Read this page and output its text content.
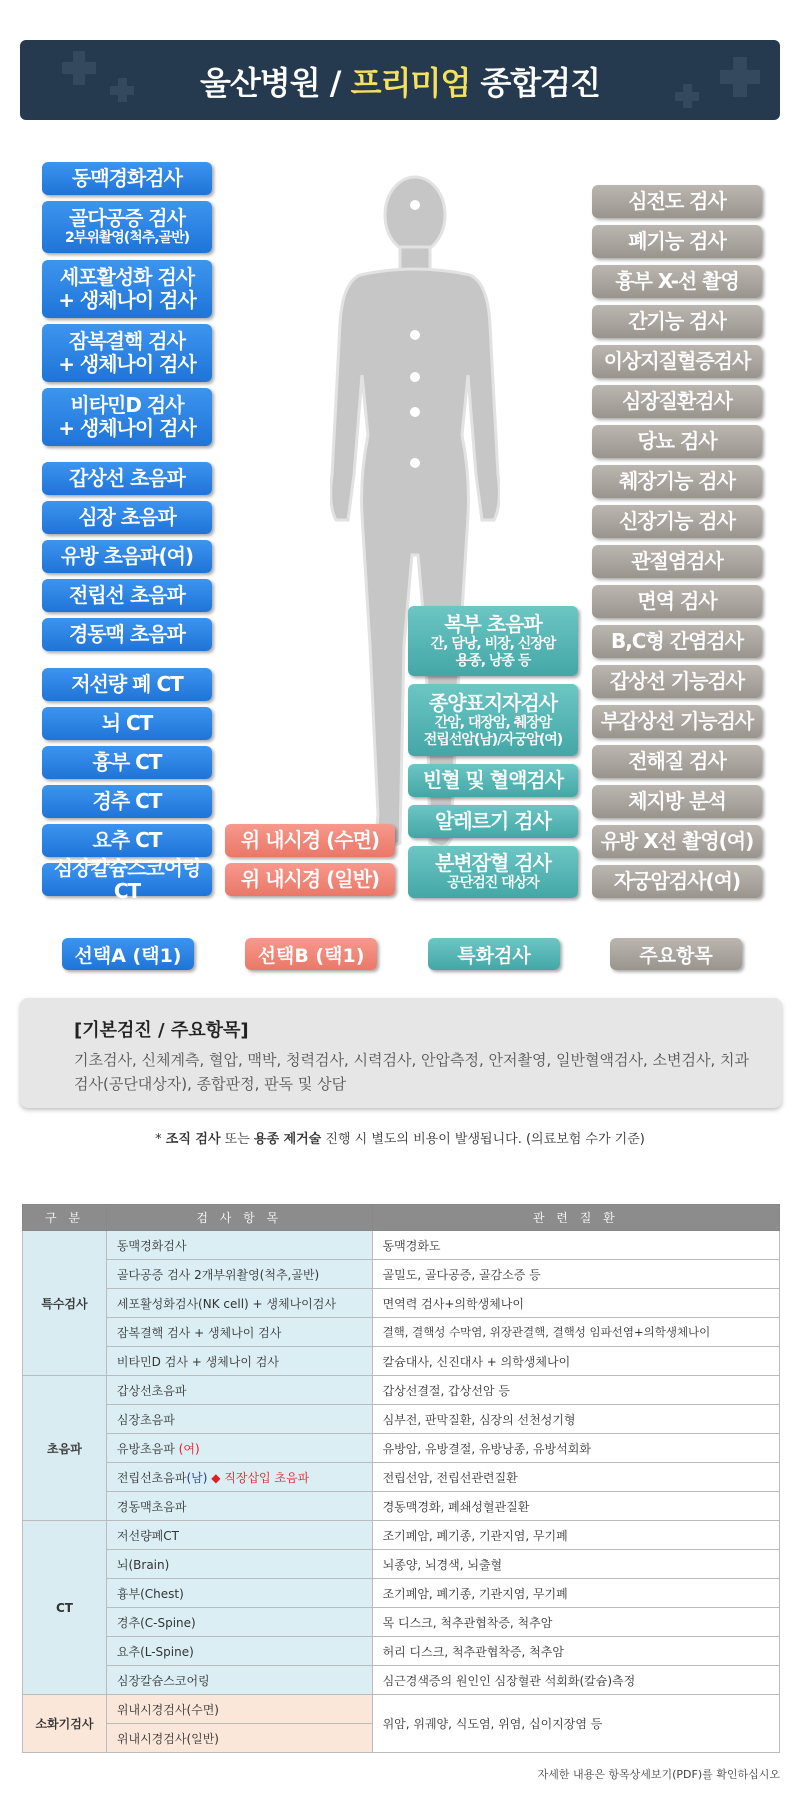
울산병원 / 프리미엄 종합검진
동맥경화검사
골다공증 검사
2부위촬영(척추,골반)
세포활성화 검사
+ 생체나이 검사
잠복결핵 검사
+ 생체나이 검사
비타민D 검사
+ 생체나이 검사
갑상선 초음파
심장 초음파
유방 초음파(여)
전립선 초음파
경동맥 초음파
저선량 폐 CT
뇌 CT
흉부 CT
경추 CT
요추 CT
심장칼슘스코어링 CT
위 내시경 (수면)
위 내시경 (일반)
복부 초음파
간, 담낭, 비장, 신장암
용종, 낭종 등
종양표지자검사
간암, 대장암, 췌장암
전립선암(남)/자궁암(여)
빈혈 및 혈액검사
알레르기 검사
분변잠혈 검사
공단검진 대상자
심전도 검사
폐기능 검사
흉부 X-선 촬영
간기능 검사
이상지질혈증검사
심장질환검사
당뇨 검사
췌장기능 검사
신장기능 검사
관절염검사
면역 검사
B,C형 간염검사
갑상선 기능검사
부갑상선 기능검사
전해질 검사
체지방 분석
유방 X선 촬영(여)
자궁암검사(여)
선택A (택1)	선택B (택1)	특화검사	주요항목
[기본검진 / 주요항목]
기초검사, 신체계측, 혈압, 맥박, 청력검사, 시력검사, 안압측정, 안저촬영, 일반혈액검사, 소변검사, 치과검사(공단대상자), 종합판정, 판독 및 상담
* 조직 검사 또는 용종 제거술 진행 시 별도의 비용이 발생됩니다. (의료보험 수가 기준)
구 분	검 사 항 목	관 련 질 환
특수검사	동맥경화검사	동맥경화도
	골다공증 검사 2개부위촬영(척추,골반)	골밀도, 골다공증, 골감소증 등
	세포활성화검사(NK cell) + 생체나이검사	면역력 검사+의학생체나이
	잠복결핵 검사 + 생체나이 검사	결핵, 결핵성 수막염, 위장관결핵, 결핵성 임파선염+의학생체나이
	비타민D 검사 + 생체나이 검사	칼슘대사, 신진대사 + 의학생체나이
초음파	갑상선초음파	갑상선결절, 갑상선암 등
	심장초음파	심부전, 판막질환, 심장의 선천성기형
	유방초음파 (여)	유방암, 유방결절, 유방낭종, 유방석회화
	전립선초음파(남) ◆ 직장삽입 초음파	전립선암, 전립선관련질환
	경동맥초음파	경동맥경화, 폐쇄성혈관질환
CT	저선량폐CT	조기폐암, 폐기종, 기관지염, 무기폐
	뇌(Brain)	뇌종양, 뇌경색, 뇌출혈
	흉부(Chest)	조기폐암, 폐기종, 기관지염, 무기폐
	경추(C-Spine)	목 디스크, 척추관협착증, 척추암
	요추(L-Spine)	허리 디스크, 척추관협착증, 척추암
	심장칼슘스코어링	심근경색증의 원인인 심장혈관 석회화(칼슘)측정
소화기검사	위내시경검사(수면)	위암, 위궤양, 식도염, 위염, 십이지장염 등
	위내시경검사(일반)	
자세한 내용은 항목상세보기(PDF)를 확인하십시오
